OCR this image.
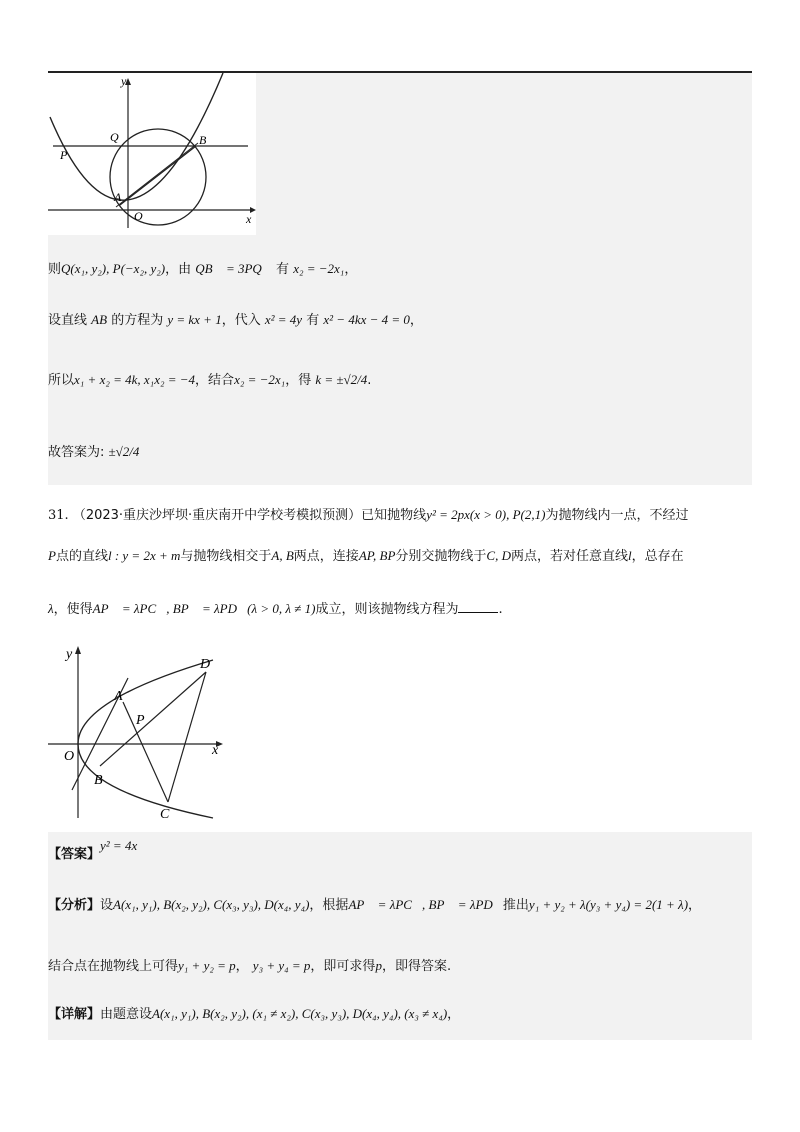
y
x
Q	B
P
A
O
则Q(x₁, y₂), P(−x₂, y₂)，由 QB⃗ = 3PQ⃗ 有 x₂ = −2x₁，
设直线 AB 的方程为 y = kx + 1，代入 x² = 4y 有 x² − 4kx − 4 = 0，
所以x₁ + x₂ = 4k, x₁x₂ = −4，结合x₂ = −2x₁，得 k = ±√2/4.
故答案为: ±√2/4
31. （2023·重庆沙坪坝·重庆南开中学校考模拟预测）已知抛物线y² = 2px(x > 0), P(2,1)为抛物线内一点，不经过
P点的直线l : y = 2x + m与抛物线相交于A, B两点，连接AP, BP分别交抛物线于C, D两点，若对任意直线l，总存在
λ，使得AP⃗ = λPC⃗, BP⃗ = λPD⃗(λ > 0, λ ≠ 1)成立，则该抛物线方程为	.
y
x
O
A
B
C
D
P
【答案】y² = 4x
【分析】设A(x₁, y₁), B(x₂, y₂), C(x₃, y₃), D(x₄, y₄)，根据AP⃗ = λPC⃗, BP⃗ = λPD⃗推出y₁ + y₂ + λ(y₃ + y₄) = 2(1 + λ)，
结合点在抛物线上可得y₁ + y₂ = p， y₃ + y₄ = p，即可求得p，即得答案.
【详解】由题意设A(x₁, y₁), B(x₂, y₂), (x₁ ≠ x₂), C(x₃, y₃), D(x₄, y₄), (x₃ ≠ x₄)，
